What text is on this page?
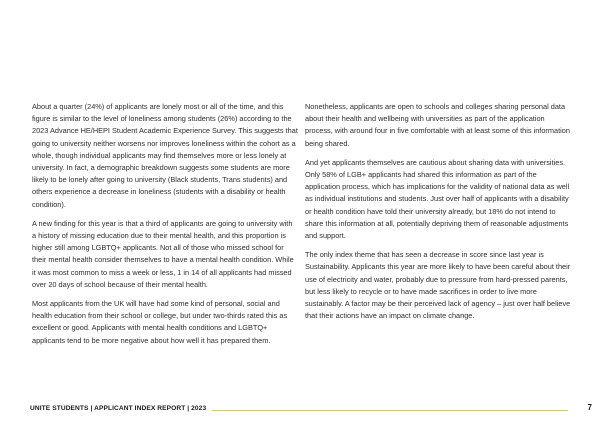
About a quarter (24%) of applicants are lonely most or all of the time, and this figure is similar to the level of loneliness among students (26%) according to the 2023 Advance HE/HEPI Student Academic Experience Survey. This suggests that going to university neither worsens nor improves loneliness within the cohort as a whole, though individual applicants may find themselves more or less lonely at university. In fact, a demographic breakdown suggests some students are more likely to be lonely after going to university (Black students, Trans students) and others experience a decrease in loneliness (students with a disability or health condition).

A new finding for this year is that a third of applicants are going to university with a history of missing education due to their mental health, and this proportion is higher still among LGBTQ+ applicants. Not all of those who missed school for their mental health consider themselves to have a mental health condition. While it was most common to miss a week or less, 1 in 14 of all applicants had missed over 20 days of school because of their mental health.

Most applicants from the UK will have had some kind of personal, social and health education from their school or college, but under two-thirds rated this as excellent or good. Applicants with mental health conditions and LGBTQ+ applicants tend to be more negative about how well it has prepared them.

Nonetheless, applicants are open to schools and colleges sharing personal data about their health and wellbeing with universities as part of the application process, with around four in five comfortable with at least some of this information being shared.

And yet applicants themselves are cautious about sharing data with universities. Only 58% of LGB+ applicants had shared this information as part of the application process, which has implications for the validity of national data as well as individual institutions and students. Just over half of applicants with a disability or health condition have told their university already, but 18% do not intend to share this information at all, potentially depriving them of reasonable adjustments and support.

The only index theme that has seen a decrease in score since last year is Sustainability. Applicants this year are more likely to have been careful about their use of electricity and water, probably due to pressure from hard-pressed parents, but less likely to recycle or to have made sacrifices in order to live more sustainably. A factor may be their perceived lack of agency – just over half believe that their actions have an impact on climate change.

UNITE STUDENTS | APPLICANT INDEX REPORT | 2023	7
